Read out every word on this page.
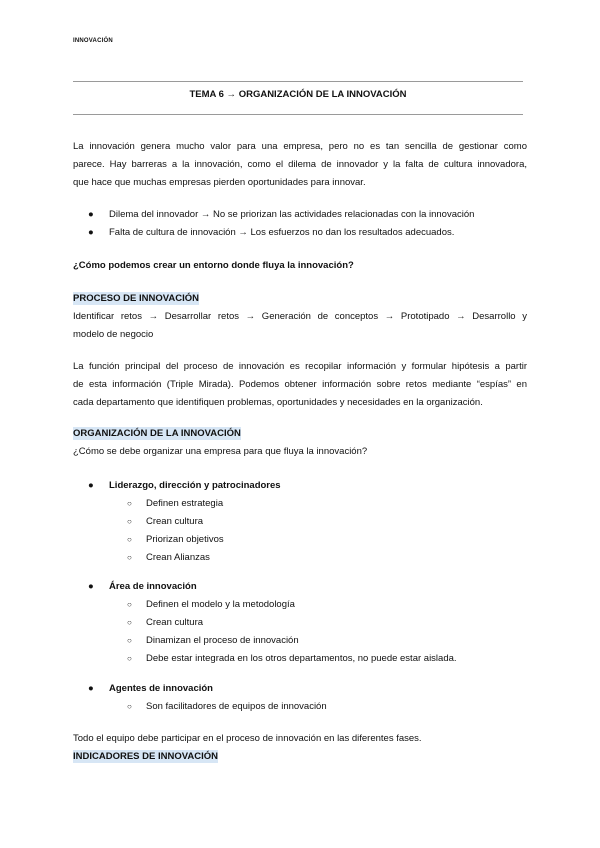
INNOVACIÓN
TEMA 6 → ORGANIZACIÓN DE LA INNOVACIÓN

La innovación genera mucho valor para una empresa, pero no es tan sencilla de gestionar como
parece. Hay barreras a la innovación, como el dilema de innovador y la falta de cultura innovadora,
que hace que muchas empresas pierden oportunidades para innovar.

● Dilema del innovador → No se priorizan las actividades relacionadas con la innovación
● Falta de cultura de innovación → Los esfuerzos no dan los resultados adecuados.
¿Cómo podemos crear un entorno donde fluya la innovación?
PROCESO DE INNOVACIÓN

Identificar retos → Desarrollar retos → Generación de conceptos → Prototipado → Desarrollo y
modelo de negocio

La función principal del proceso de innovación es recopilar información y formular hipótesis a partir
de esta información (Triple Mirada). Podemos obtener información sobre retos mediante “espías” en
cada departamento que identifiquen problemas, oportunidades y necesidades en la organización.

ORGANIZACIÓN DE LA INNOVACIÓN
¿Cómo se debe organizar una empresa para que fluya la innovación?
● Liderazgo, dirección y patrocinadores
○ Definen estrategia
○ Crean cultura
○ Priorizan objetivos
○ Crean Alianzas
● Área de innovación
○ Definen el modelo y la metodología
○ Crean cultura
○ Dinamizan el proceso de innovación
○ Debe estar integrada en los otros departamentos, no puede estar aislada.
● Agentes de innovación
○ Son facilitadores de equipos de innovación
Todo el equipo debe participar en el proceso de innovación en las diferentes fases.
INDICADORES DE INNOVACIÓN
